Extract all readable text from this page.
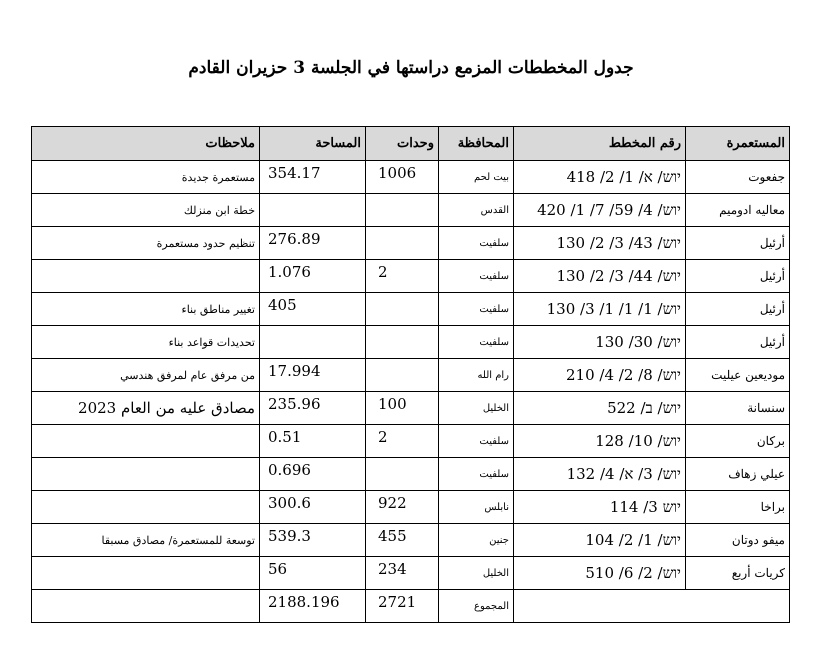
جدول المخططات المزمع دراستها في الجلسة 3 حزيران القادم
المستعمرة	رقم المخطط	المحافظة	وحدات	المساحة	ملاحظات
جفعوت	יוש/ א/ 1/ 2/ 418	بيت لحم	1006	354.17	مستعمرة جديدة
معاليه ادوميم	יוש/ 4/ 59/ 7/ 1/ 420	القدس			خطة ابن منزلك
أرئيل	יוש/ 43/ 3/ 2/ 130	سلفيت		276.89	تنظيم حدود مستعمرة
أرئيل	יוש/ 44/ 3/ 2/ 130	سلفيت	2	1.076	
أرئيل	יוש/ 1/ 1/ 1/ 3/ 130	سلفيت		405	تغيير مناطق بناء
أرئيل	יוש/ 30/ 130	سلفيت			تحديدات قواعد بناء
موديعين عيليت	יוש/ 8/ 2/ 4/ 210	رام الله		17.994	من مرفق عام لمرفق هندسي
سنسانة	יוש/ ב/ 522	الخليل	100	235.96	مصادق عليه من العام 2023
بركان	יוש/ 10/ 128	سلفيت	2	0.51	
عيلي زهاف	יוש/ 3/ א/ 4/ 132	سلفيت		0.696	
براخا	יוש 3/ 114	نابلس	922	300.6	
ميفو دوتان	יוש/ 1/ 2/ 104	جنين	455	539.3	توسعة للمستعمرة/ مصادق مسبقا
كريات أربع	יוש/ 2/ 6/ 510	الخليل	234	56	
		المجموع	2721	2188.196	
